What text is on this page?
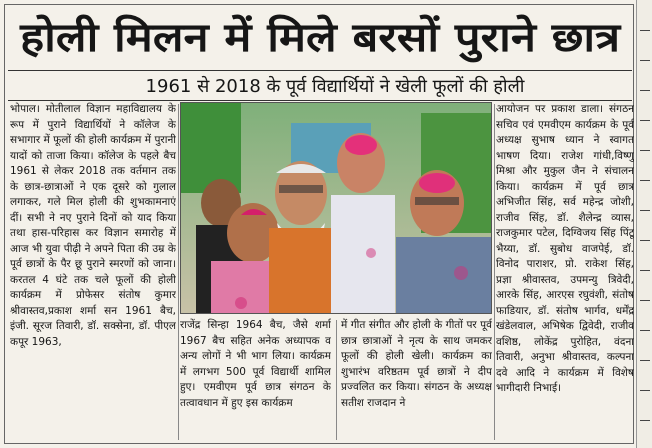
होली मिलन में मिले बरसों पुराने छात्र
1961 से 2018 के पूर्व विद्यार्थियों ने खेली फूलों की होली
भोपाल। मोतीलाल विज्ञान महाविद्यालय के रूप में पुराने विद्यार्थियों ने कॉलेज के सभागार में फूलों की होली कार्यक्रम में पुरानी यादों को ताजा किया। कॉलेज के पहले बैच 1961 से लेकर 2018 तक वर्तमान तक के छात्र-छात्राओं ने एक दूसरे को गुलाल लगाकर, गले मिल होली की शुभकामनाएं दीं। सभी ने नए पुराने दिनों को याद किया तथा हास-परिहास कर विज्ञान समारोह में आज भी युवा पीढ़ी ने अपने पिता की उम्र के पूर्व छात्रों के पैर छू पुराने स्मरणों को जाना। करतल 4 घंटे तक चले फूलों की होली कार्यक्रम में प्रोफेसर संतोष कुमार श्रीवास्तव,प्रकाश शर्मा सन 1961 बैच, इंजी. सूरज तिवारी, डॉ. सक्सेना, डॉ. पीएल कपूर 1963,
राजेंद्र सिन्हा 1964 बैच, जैसे शर्मा 1967 बैच सहित अनेक अध्यापक व अन्य लोगों ने भी भाग लिया। कार्यक्रम में लगभग 500 पूर्व विद्यार्थी शामिल हुए। एमवीएम पूर्व छात्र संगठन के तत्वावधान में हुए इस कार्यक्रम
में गीत संगीत और होली के गीतों पर पूर्व छात्र छात्राओं ने नृत्य के साथ जमकर फूलों की होली खेली। कार्यक्रम का शुभारंभ वरिष्ठतम पूर्व छात्रों ने दीप प्रज्वलित कर किया। संगठन के अध्यक्ष सतीश राजदान ने
आयोजन पर प्रकाश डाला। संगठन सचिव एवं एमवीएम कार्यक्रम के पूर्व अध्यक्ष सुभाष ध्यान ने स्वागत भाषण दिया। राजेश गांधी,विष्णु मिश्रा और मुकुल जैन ने संचालन किया। कार्यक्रम में पूर्व छात्र अभिजीत सिंह, सर्व महेन्द्र जोशी, राजीव सिंह, डॉ. शैलेन्द्र व्यास, राजकुमार पटेल, दिग्विजय सिंह पिंटू भैय्या, डॉ. सुबोध वाजपेई, डॉ. विनोद पाराशर, प्रो. राकेश सिंह, प्रज्ञा श्रीवास्तव, उपमन्यु त्रिवेदी, आरके सिंह, आरएस रघुवंशी, संतोष फाडियार, डॉ. संतोष भार्गव, धर्मेंद्र खंडेलवाल, अभिषेक द्विवेदी, राजीव वशिष्ठ, लोकेंद्र पुरोहित, वंदना तिवारी, अनुभा श्रीवास्तव, कल्पना दवे आदि ने कार्यक्रम में विशेष भागीदारी निभाई।
